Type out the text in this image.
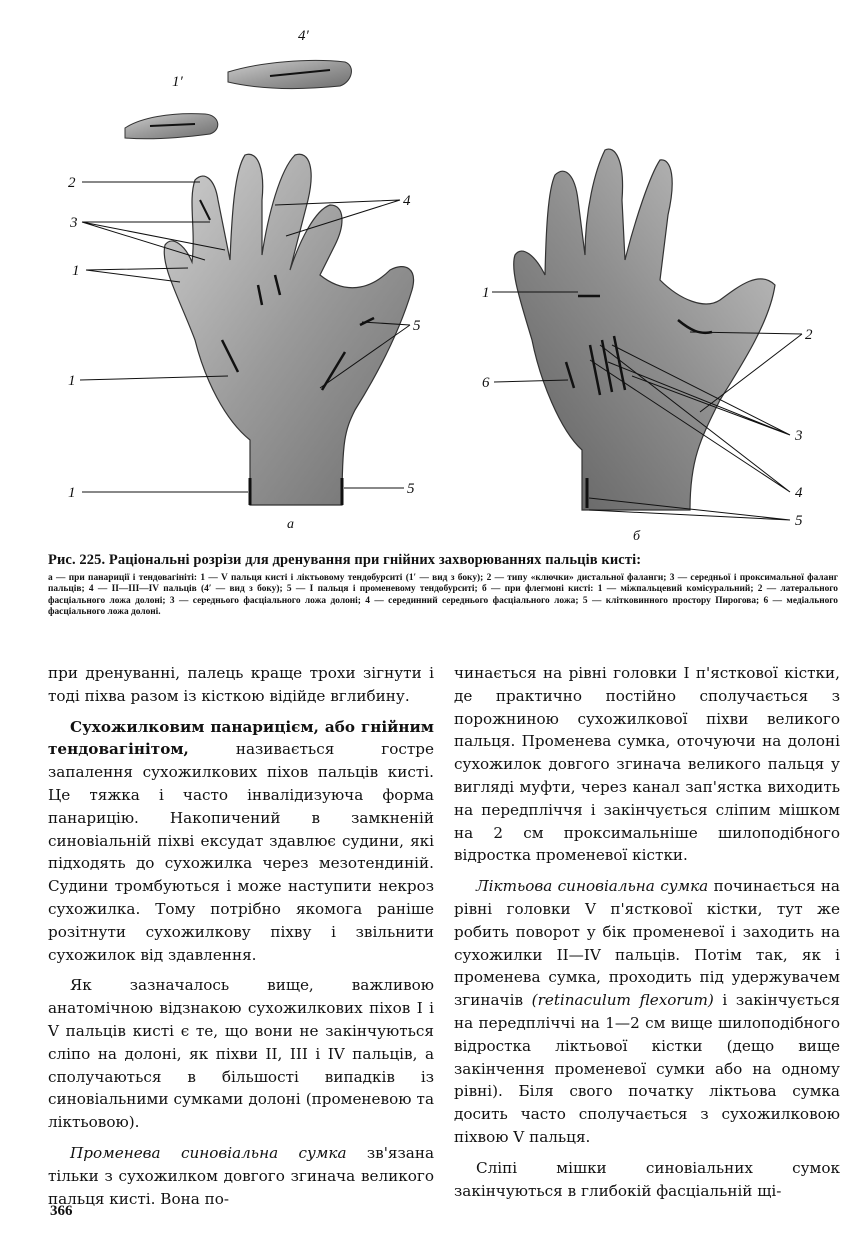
1′
4′
2
3
1
1
1
4
5
5
1
6
2
3
4
5
а
б
Рис. 225. Раціональні розрізи для дренування при гнійних захворюваннях пальців кисті:
а — при панариції і тендовагініті: 1 — V пальця кисті і ліктьовому тендобурситі (1′ — вид з боку); 2 — типу «ключки» дистальної фаланги; 3 — середньої і проксимальної фаланг пальців; 4 — II—III—IV пальців (4′ — вид з боку); 5 — I пальця і променевому тендобурситі; б — при флегмоні кисті: 1 — міжпальцевий комісуральний; 2 — латерального фасціального ложа долоні; 3 — середнього фасціального ложа долоні; 4 — серединний середнього фасціального ложа; 5 — клітковинного простору Пирогова; 6 — медіального фасціального ложа долоні.

при дренуванні, палець краще трохи зігнути і тоді піхва разом із кісткою відійде вглибину.

Сухожилковим панарицієм, або гнійним тендовагінітом, називається гостре запалення сухожилкових піхов пальців кисті. Це тяжка і часто інвалідизуюча форма панарицію. Накопичений в замкненій синовіальній піхві ексудат здавлює судини, які підходять до сухожилка через мезотендиній. Судини тромбуються і може наступити некроз сухожилка. Тому потрібно якомога раніше розітнути сухожилкову піхву і звільнити сухожилок від здавлення.

Як зазначалось вище, важливою анатомічною відзнакою сухожилкових піхов I і V пальців кисті є те, що вони не закінчуються сліпо на долоні, як піхви II, III і IV пальців, а сполучаються в більшості випадків із синовіальними сумками долоні (променевою та ліктьовою).

Променева синовіальна сумка зв'язана тільки з сухожилком довгого згинача великого пальця кисті. Вона по-

чинається на рівні головки I п'ясткової кістки, де практично постійно сполучається з порожниною сухожилкової піхви великого пальця. Променева сумка, оточуючи на долоні сухожилок довгого згинача великого пальця у вигляді муфти, через канал зап'ястка виходить на передпліччя і закінчується сліпим мішком на 2 см проксимальніше шилоподібного відростка променевої кістки.

Ліктьова синовіальна сумка починається на рівні головки V п'ясткової кістки, тут же робить поворот у бік променевої і заходить на сухожилки II—IV пальців. Потім так, як і променева сумка, проходить під удержувачем згиначів (retinaculum flexorum) і закінчується на передпліччі на 1—2 см вище шилоподібного відростка ліктьової кістки (дещо вище закінчення променевої сумки або на одному рівні). Біля свого початку ліктьова сумка досить часто сполучається з сухожилковою піхвою V пальця.

Сліпі мішки синовіальних сумок закінчуються в глибокій фасціальній щі-

366
